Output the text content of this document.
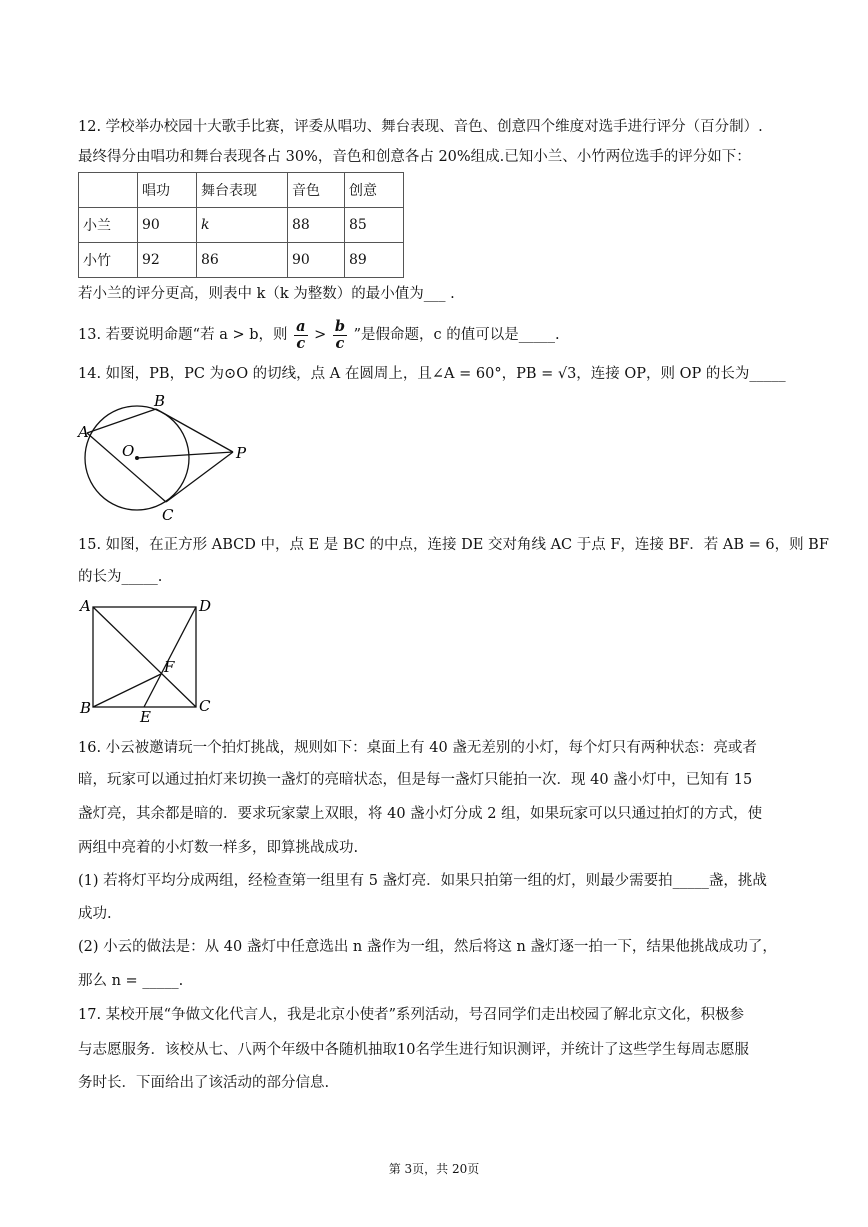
12. 学校举办校园十大歌手比赛，评委从唱功、舞台表现、音色、创意四个维度对选手进行评分（百分制）.
最终得分由唱功和舞台表现各占 30%，音色和创意各占 20%组成.已知小兰、小竹两位选手的评分如下：
	唱功	舞台表现	音色	创意
小兰	90	k	88	85
小竹	92	86	90	89
若小兰的评分更高，则表中 k（k 为整数）的最小值为___ .
13. 若要说明命题“若 a > b，则 $\frac{a}{c} > \frac{b}{c}$ ”是假命题，c 的值可以是_____.
14. 如图，PB，PC 为⊙O 的切线，点 A 在圆周上，且∠A = 60°，PB = √3，连接 OP，则 OP 的长为_____
A
B
O	P
C
15. 如图，在正方形 ABCD 中，点 E 是 BC 的中点，连接 DE 交对角线 AC 于点 F，连接 BF．若 AB = 6，则 BF
的长为_____.
A	D
F
B	E
C
16. 小云被邀请玩一个拍灯挑战，规则如下：桌面上有 40 盏无差别的小灯，每个灯只有两种状态：亮或者
暗，玩家可以通过拍灯来切换一盏灯的亮暗状态，但是每一盏灯只能拍一次．现 40 盏小灯中，已知有 15
盏灯亮，其余都是暗的．要求玩家蒙上双眼，将 40 盏小灯分成 2 组，如果玩家可以只通过拍灯的方式，使
两组中亮着的小灯数一样多，即算挑战成功.
(1) 若将灯平均分成两组，经检查第一组里有 5 盏灯亮．如果只拍第一组的灯，则最少需要拍_____盏，挑战
成功.
(2) 小云的做法是：从 40 盏灯中任意选出 n 盏作为一组，然后将这 n 盏灯逐一拍一下，结果他挑战成功了，
那么 n = _____.
17. 某校开展“争做文化代言人，我是北京小使者”系列活动，号召同学们走出校园了解北京文化，积极参
与志愿服务．该校从七、八两个年级中各随机抽取10名学生进行知识测评，并统计了这些学生每周志愿服
务时长．下面给出了该活动的部分信息.
第 3页，共 20页
